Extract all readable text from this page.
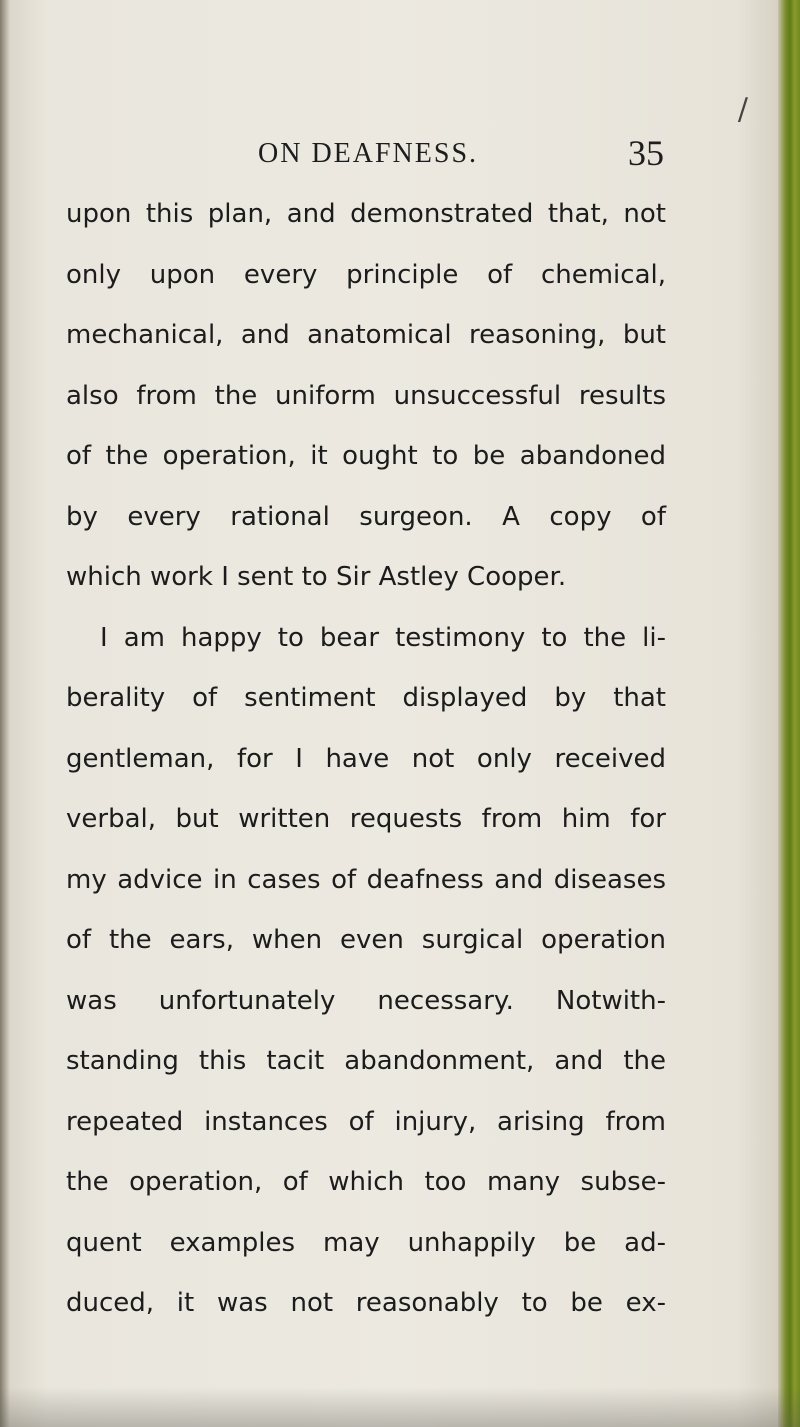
/
ON DEAFNESS.	35
upon this plan, and demonstrated that, not
only upon every principle of chemical,
mechanical, and anatomical reasoning, but
also from the uniform unsuccessful results
of the operation, it ought to be abandoned
by every rational surgeon. A copy of
which work I sent to Sir Astley Cooper.
I am happy to bear testimony to the li-
berality of sentiment displayed by that
gentleman, for I have not only received
verbal, but written requests from him for
my advice in cases of deafness and diseases
of the ears, when even surgical operation
was unfortunately necessary. Notwith-
standing this tacit abandonment, and the
repeated instances of injury, arising from
the operation, of which too many subse-
quent examples may unhappily be ad-
duced, it was not reasonably to be ex-
